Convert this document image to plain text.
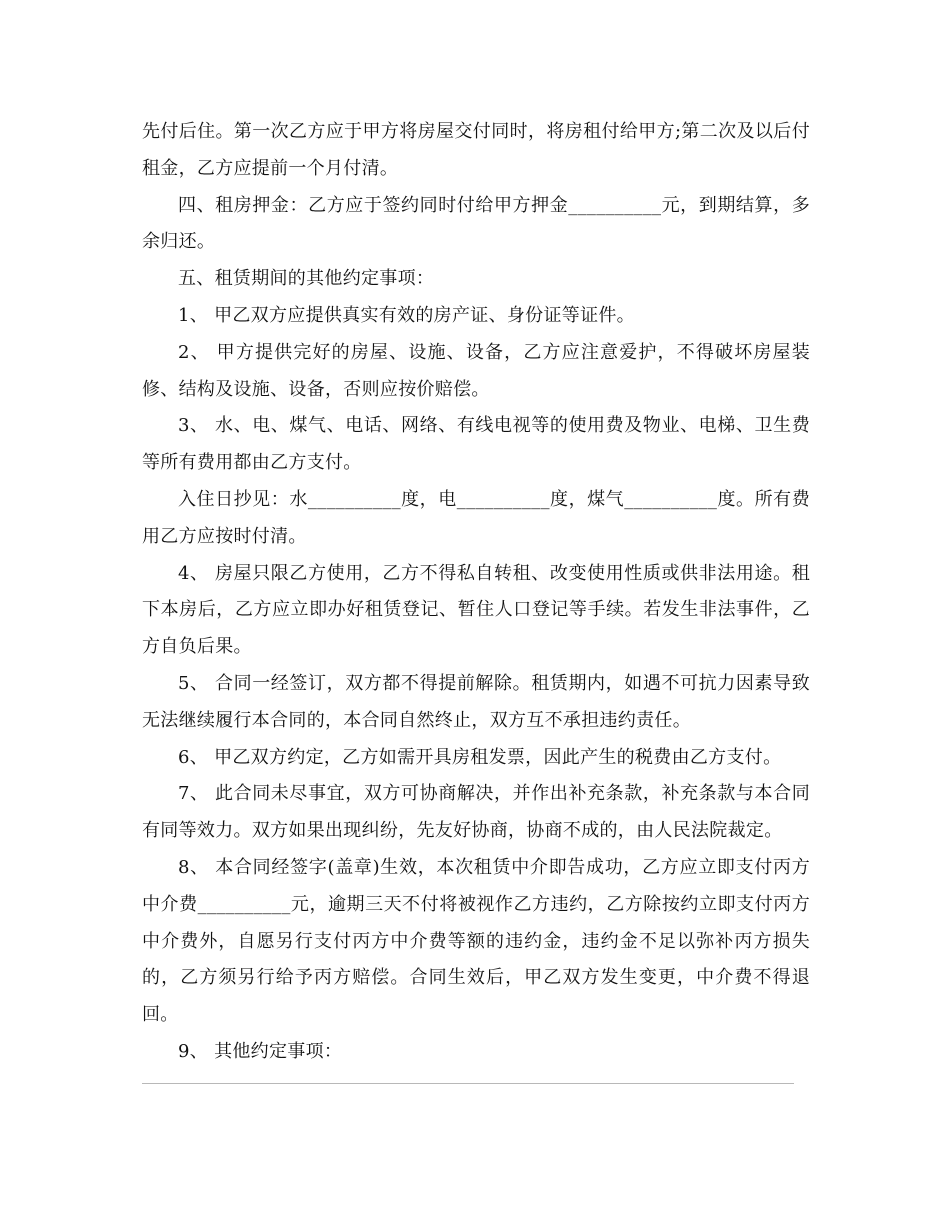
先付后住。第一次乙方应于甲方将房屋交付同时，将房租付给甲方;第二次及以后付租金，乙方应提前一个月付清。

四、租房押金：乙方应于签约同时付给甲方押金__________元，到期结算，多余归还。

五、租赁期间的其他约定事项：

1、 甲乙双方应提供真实有效的房产证、身份证等证件。

2、 甲方提供完好的房屋、设施、设备，乙方应注意爱护，不得破坏房屋装修、结构及设施、设备，否则应按价赔偿。

3、 水、电、煤气、电话、网络、有线电视等的使用费及物业、电梯、卫生费等所有费用都由乙方支付。

入住日抄见：水__________度，电__________度，煤气__________度。所有费用乙方应按时付清。

4、 房屋只限乙方使用，乙方不得私自转租、改变使用性质或供非法用途。租下本房后，乙方应立即办好租赁登记、暂住人口登记等手续。若发生非法事件，乙方自负后果。

5、 合同一经签订，双方都不得提前解除。租赁期内，如遇不可抗力因素导致无法继续履行本合同的，本合同自然终止，双方互不承担违约责任。

6、 甲乙双方约定，乙方如需开具房租发票，因此产生的税费由乙方支付。

7、 此合同未尽事宜，双方可协商解决，并作出补充条款，补充条款与本合同有同等效力。双方如果出现纠纷，先友好协商，协商不成的，由人民法院裁定。

8、 本合同经签字(盖章)生效，本次租赁中介即告成功，乙方应立即支付丙方中介费__________元，逾期三天不付将被视作乙方违约，乙方除按约立即支付丙方中介费外，自愿另行支付丙方中介费等额的违约金，违约金不足以弥补丙方损失的，乙方须另行给予丙方赔偿。合同生效后，甲乙双方发生变更，中介费不得退回。

9、 其他约定事项：
